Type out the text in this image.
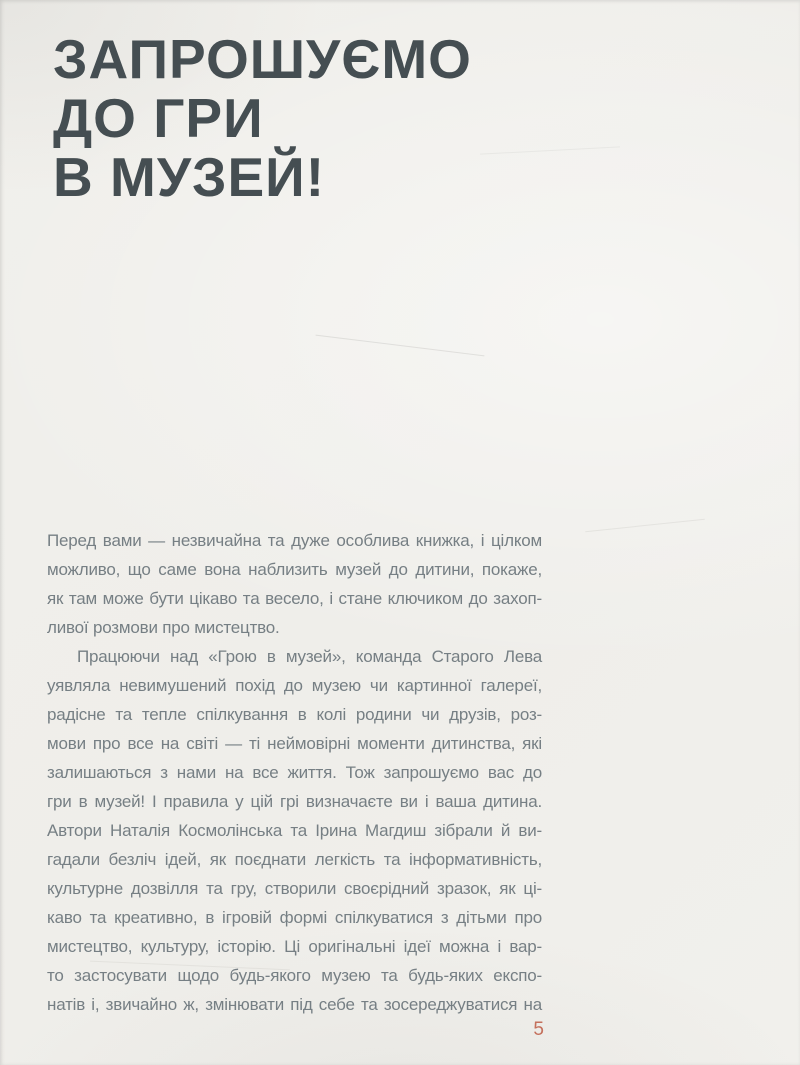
ЗАПРОШУЄМО
ДО ГРИ
В МУЗЕЙ!

Перед вами — незвичайна та дуже особлива книжка, і цілком
можливо, що саме вона наблизить музей до дитини, покаже,
як там може бути цікаво та весело, і стане ключиком до захоп-
ливої розмови про мистецтво.

Працюючи над «Грою в музей», команда Старого Лева
уявляла невимушений похід до музею чи картинної галереї,
радісне та тепле спілкування в колі родини чи друзів, роз-
мови про все на світі — ті неймовірні моменти дитинства, які
залишаються з нами на все життя. Тож запрошуємо вас до
гри в музей! І правила у цій грі визначаєте ви і ваша дитина.
Автори Наталія Космолінська та Ірина Магдиш зібрали й ви-
гадали безліч ідей, як поєднати легкість та інформативність,
культурне дозвілля та гру, створили своєрідний зразок, як ці-
каво та креативно, в ігровій формі спілкуватися з дітьми про
мистецтво, культуру, історію. Ці оригінальні ідеї можна і вар-
то застосувати щодо будь-якого музею та будь-яких експо-
натів і, звичайно ж, змінювати під себе та зосереджуватися на

5
